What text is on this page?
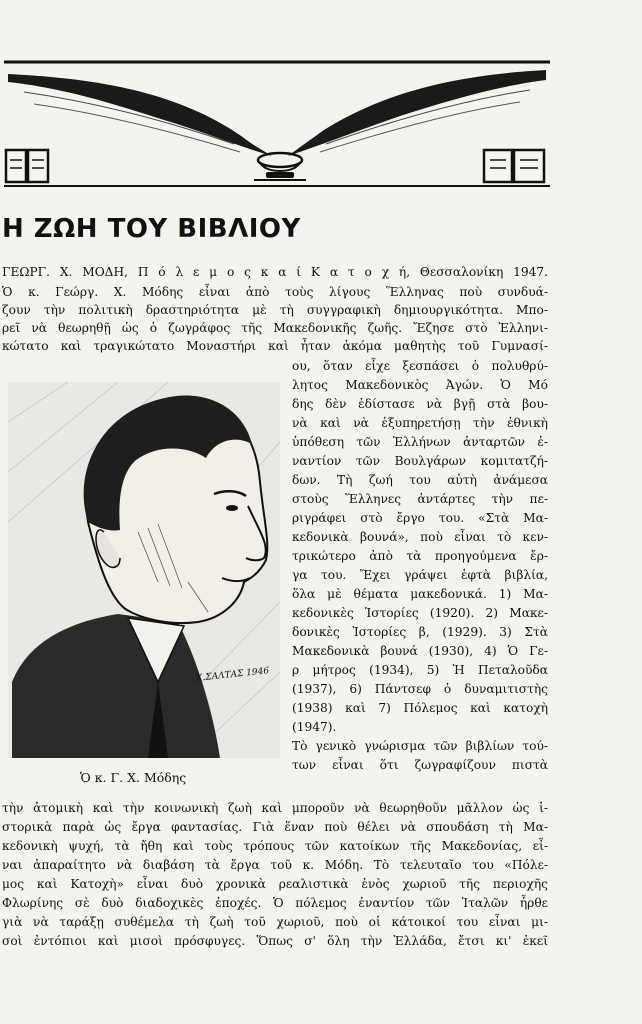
Η ΖΩΗ ΤΟΥ ΒΙΒΛΙΟΥ
ΓΕΩΡΓ. Χ. ΜΟΔΗ, Π ό λ ε μ ο ς κ α ί Κ α τ ο χ ή, Θεσσαλονίκη 1947.
Ὁ κ. Γεώργ. Χ. Μόδης εἶναι ἀπὸ τοὺς λίγους Ἕλληνας ποὺ συνδυά-
ζουν τὴν πολιτικὴ δραστηριότητα μὲ τὴ συγγραφικὴ δημιουργικότητα. Μπο-
ρεῖ νὰ θεωρηθῇ ὡς ὁ ζωγράφος τῆς Μακεδονικῆς ζωῆς. Ἔζησε στὸ Ἑλληνι-
κώτατο καὶ τραγικώτατο Μοναστήρι καὶ ἦταν ἀκόμα μαθητὴς τοῦ Γυμνασί-
Χ.ΣΑΛΤΑΣ 1946
ου, ὅταν εἶχε ξεσπάσει ὁ πολυθρύ-
λητος Μακεδονικὸς Ἀγών. Ὁ Μό
δης δὲν ἐδίστασε νὰ βγῇ στὰ βου-
νὰ καὶ νὰ ἐξυπηρετήσῃ τὴν ἐθνικὴ
ὑπόθεση τῶν Ἑλλήνων ἀνταρτῶν ἐ-
ναντίον τῶν Βουλγάρων κομιτατζή-
δων. Τὴ ζωή του αὐτὴ ἀνάμεσα
στοὺς Ἕλληνες ἀντάρτες τὴν πε-
ριγράφει στὸ ἔργο του. «Στὰ Μα-
κεδονικὰ βουνά», ποὺ εἶναι τὸ κεν-
τρικώτερο ἀπὸ τὰ προηγούμενα ἔρ-
γα του. Ἔχει γράψει ἑφτὰ βιβλία,
ὅλα μὲ θέματα μακεδονικά. 1) Μα-
κεδονικὲς Ἱστορίες (1920). 2) Μακε-
δονικὲς Ἱστορίες β, (1929). 3) Στὰ
Μακεδονικὰ βουνά (1930), 4) Ὁ Γε-
ρ μήτρος (1934), 5) Ἡ Πεταλοῦδα
(1937), 6) Πάντσεφ ὁ δυναμιτιστὴς
(1938) καὶ 7) Πόλεμος καὶ κατοχὴ
(1947).
Τὸ γενικὸ γνώρισμα τῶν βιβλίων τού-
των εἶναι ὅτι ζωγραφίζουν πιστὰ
Ὁ κ. Γ. Χ. Μόδης
τὴν ἀτομικὴ καὶ τὴν κοινωνικὴ ζωὴ καὶ μποροῦν νὰ θεωρηθοῦν μᾶλλον ὡς ἱ-
στορικὰ παρὰ ὡς ἔργα φαντασίας. Γιὰ ἕναν ποὺ θέλει νὰ σπουδάση τὴ Μα-
κεδονικὴ ψυχή, τὰ ἤθη καὶ τοὺς τρόπους τῶν κατοίκων τῆς Μακεδονίας, εἶ-
ναι ἀπαραίτητο νὰ διαβάση τὰ ἔργα τοῦ κ. Μόδη. Τὸ τελευταῖο του «Πόλε-
μος καὶ Κατοχὴ» εἶναι δυὸ χρονικὰ ρεαλιστικὰ ἑνὸς χωριοῦ τῆς περιοχῆς
Φλωρίνης σὲ δυὸ διαδοχικὲς ἐποχές. Ὁ πόλεμος ἐναντίον τῶν Ἰταλῶν ἦρθε
γιὰ νὰ ταράξῃ συθέμελα τὴ ζωὴ τοῦ χωριοῦ, ποὺ οἱ κάτοικοί του εἶναι μι-
σοὶ ἐντόπιοι καὶ μισοὶ πρόσφυγες. Ὅπως σ' ὅλη τὴν Ἑλλάδα, ἔτσι κι' ἐκεῖ
